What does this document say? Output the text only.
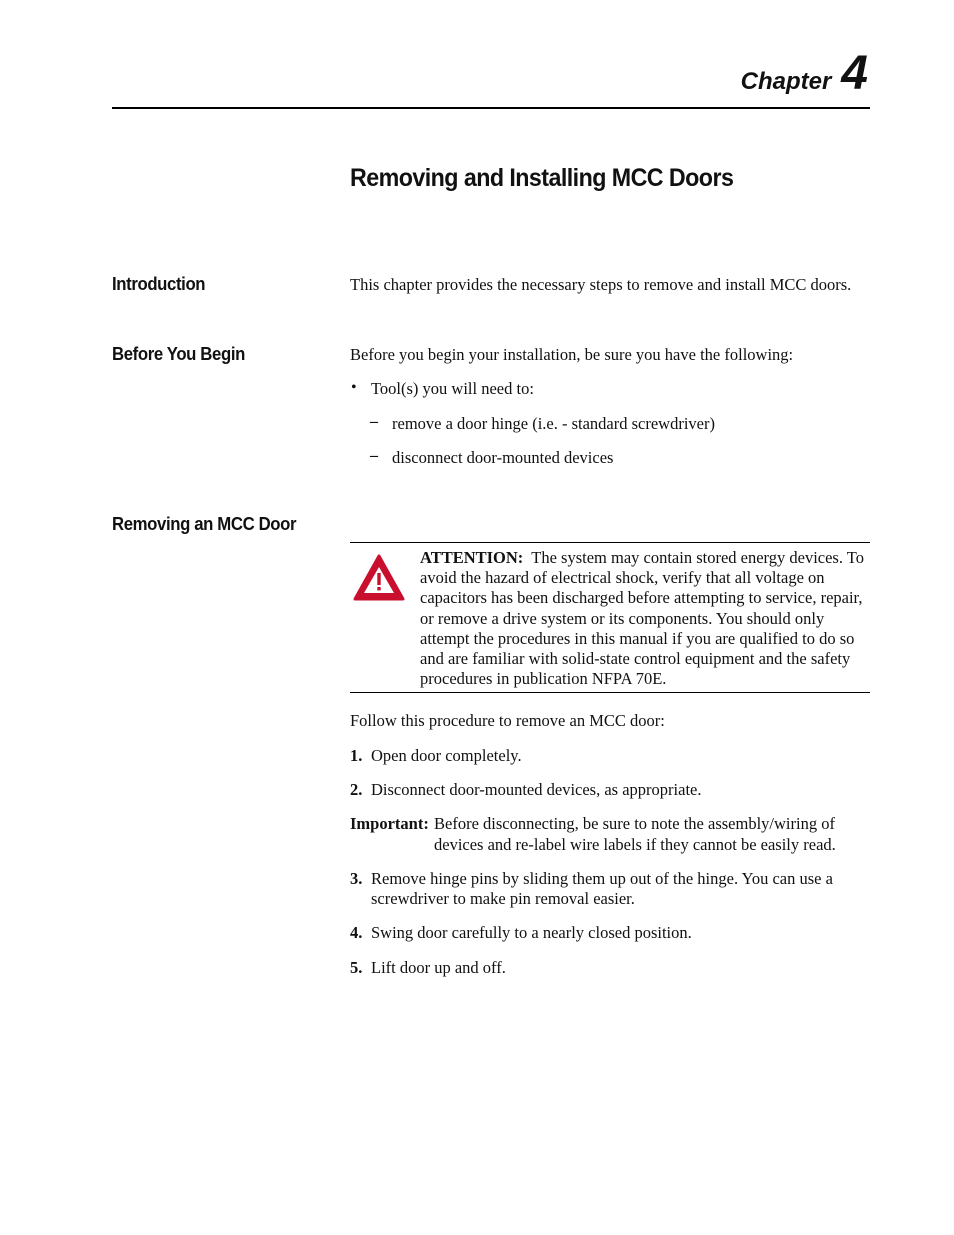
Chapter 4
Removing and Installing MCC Doors
Introduction	This chapter provides the necessary steps to remove and install MCC doors.
Before You Begin	Before you begin your installation, be sure you have the following:
• Tool(s) you will need to:
– remove a door hinge (i.e. - standard screwdriver)
– disconnect door-mounted devices
Removing an MCC Door
ATTENTION: The system may contain stored energy devices. To avoid the hazard of electrical shock, verify that all voltage on capacitors has been discharged before attempting to service, repair, or remove a drive system or its components. You should only attempt the procedures in this manual if you are qualified to do so and are familiar with solid-state control equipment and the safety procedures in publication NFPA 70E.
Follow this procedure to remove an MCC door:
1. Open door completely.
2. Disconnect door-mounted devices, as appropriate.
Important: Before disconnecting, be sure to note the assembly/wiring of devices and re-label wire labels if they cannot be easily read.
3. Remove hinge pins by sliding them up out of the hinge. You can use a screwdriver to make pin removal easier.
4. Swing door carefully to a nearly closed position.
5. Lift door up and off.
